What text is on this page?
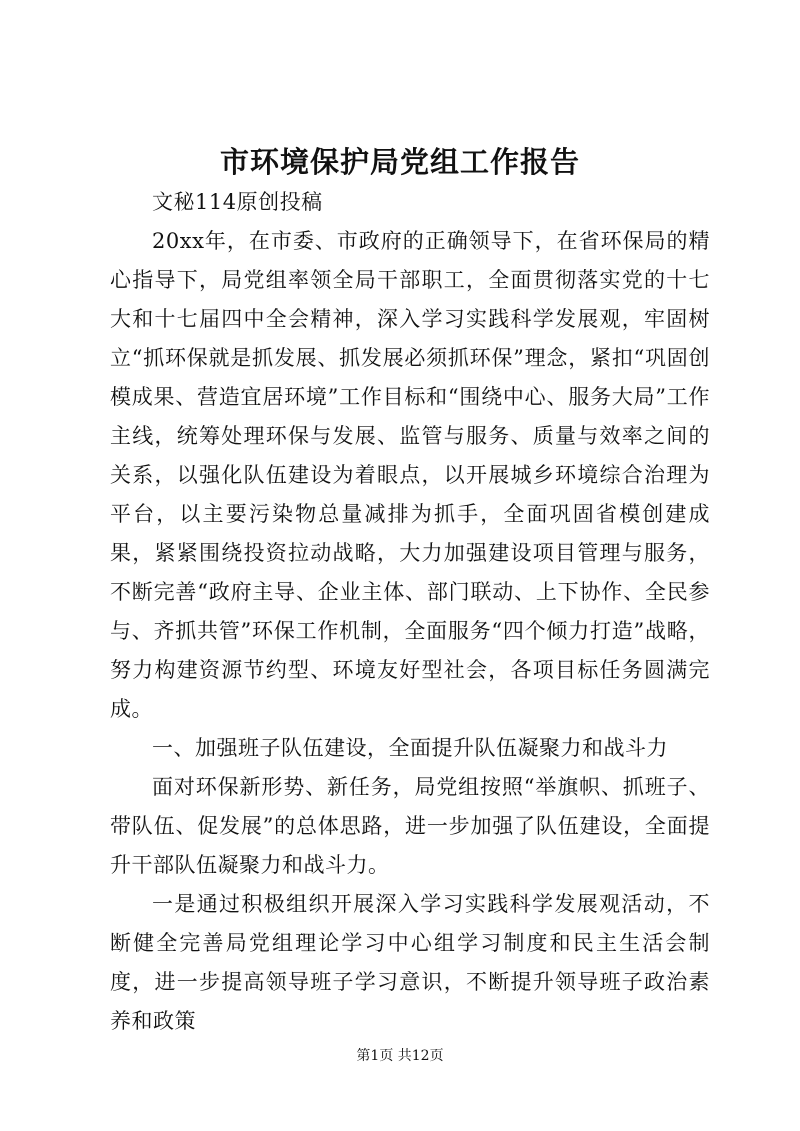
市环境保护局党组工作报告

文秘114原创投稿

20xx年，在市委、市政府的正确领导下，在省环保局的精心指导下，局党组率领全局干部职工，全面贯彻落实党的十七大和十七届四中全会精神，深入学习实践科学发展观，牢固树立“抓环保就是抓发展、抓发展必须抓环保”理念，紧扣“巩固创模成果、营造宜居环境”工作目标和“围绕中心、服务大局”工作主线，统筹处理环保与发展、监管与服务、质量与效率之间的关系，以强化队伍建设为着眼点，以开展城乡环境综合治理为平台，以主要污染物总量减排为抓手，全面巩固省模创建成果，紧紧围绕投资拉动战略，大力加强建设项目管理与服务，不断完善“政府主导、企业主体、部门联动、上下协作、全民参与、齐抓共管”环保工作机制，全面服务“四个倾力打造”战略，努力构建资源节约型、环境友好型社会，各项目标任务圆满完成。

一、加强班子队伍建设，全面提升队伍凝聚力和战斗力

面对环保新形势、新任务，局党组按照“举旗帜、抓班子、带队伍、促发展”的总体思路，进一步加强了队伍建设，全面提升干部队伍凝聚力和战斗力。

一是通过积极组织开展深入学习实践科学发展观活动，不断健全完善局党组理论学习中心组学习制度和民主生活会制度，进一步提高领导班子学习意识，不断提升领导班子政治素养和政策

第1页 共12页
